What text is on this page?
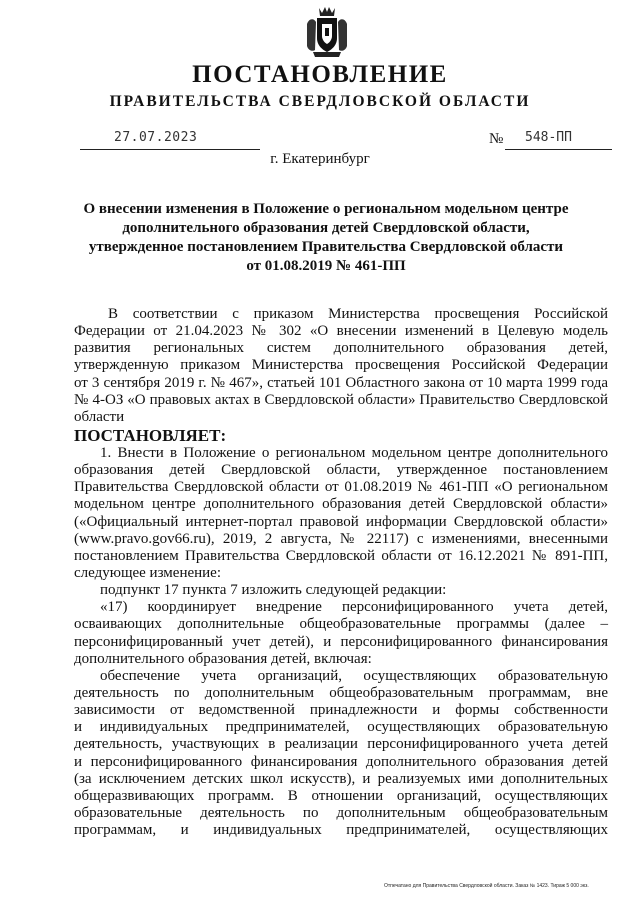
ПОСТАНОВЛЕНИЕ
ПРАВИТЕЛЬСТВА СВЕРДЛОВСКОЙ ОБЛАСТИ
27.07.2023	№ 548-ПП
г. Екатеринбург
О внесении изменения в Положение о региональном модельном центре
дополнительного образования детей Свердловской области,
утвержденное постановлением Правительства Свердловской области
от 01.08.2019 № 461-ПП
В соответствии с приказом Министерства просвещения Российской
Федерации от 21.04.2023 № 302 «О внесении изменений в Целевую модель
развития региональных систем дополнительного образования детей,
утвержденную приказом Министерства просвещения Российской Федерации
от 3 сентября 2019 г. № 467», статьей 101 Областного закона от 10 марта 1999 года
№ 4-ОЗ «О правовых актах в Свердловской области» Правительство Свердловской
области
ПОСТАНОВЛЯЕТ:
1. Внести в Положение о региональном модельном центре дополнительного
образования детей Свердловской области, утвержденное постановлением
Правительства Свердловской области от 01.08.2019 № 461-ПП «О региональном
модельном центре дополнительного образования детей Свердловской области»
(«Официальный интернет-портал правовой информации Свердловской области»
(www.pravo.gov66.ru), 2019, 2 августа, № 22117) с изменениями, внесенными
постановлением Правительства Свердловской области от 16.12.2021 № 891-ПП,
следующее изменение:
подпункт 17 пункта 7 изложить следующей редакции:
«17) координирует внедрение персонифицированного учета детей,
осваивающих дополнительные общеобразовательные программы (далее –
персонифицированный учет детей), и персонифицированного финансирования
дополнительного образования детей, включая:
обеспечение учета организаций, осуществляющих образовательную
деятельность по дополнительным общеобразовательным программам, вне
зависимости от ведомственной принадлежности и формы собственности
и индивидуальных предпринимателей, осуществляющих образовательную
деятельность, участвующих в реализации персонифицированного учета детей
и персонифицированного финансирования дополнительного образования детей
(за исключением детских школ искусств), и реализуемых ими дополнительных
общеразвивающих программ. В отношении организаций, осуществляющих
образовательные деятельность по дополнительным общеобразовательным
программам, и индивидуальных предпринимателей, осуществляющих
Отпечатано для Правительства Свердловской области. Заказ № 1423. Тираж 5 000 экз.
